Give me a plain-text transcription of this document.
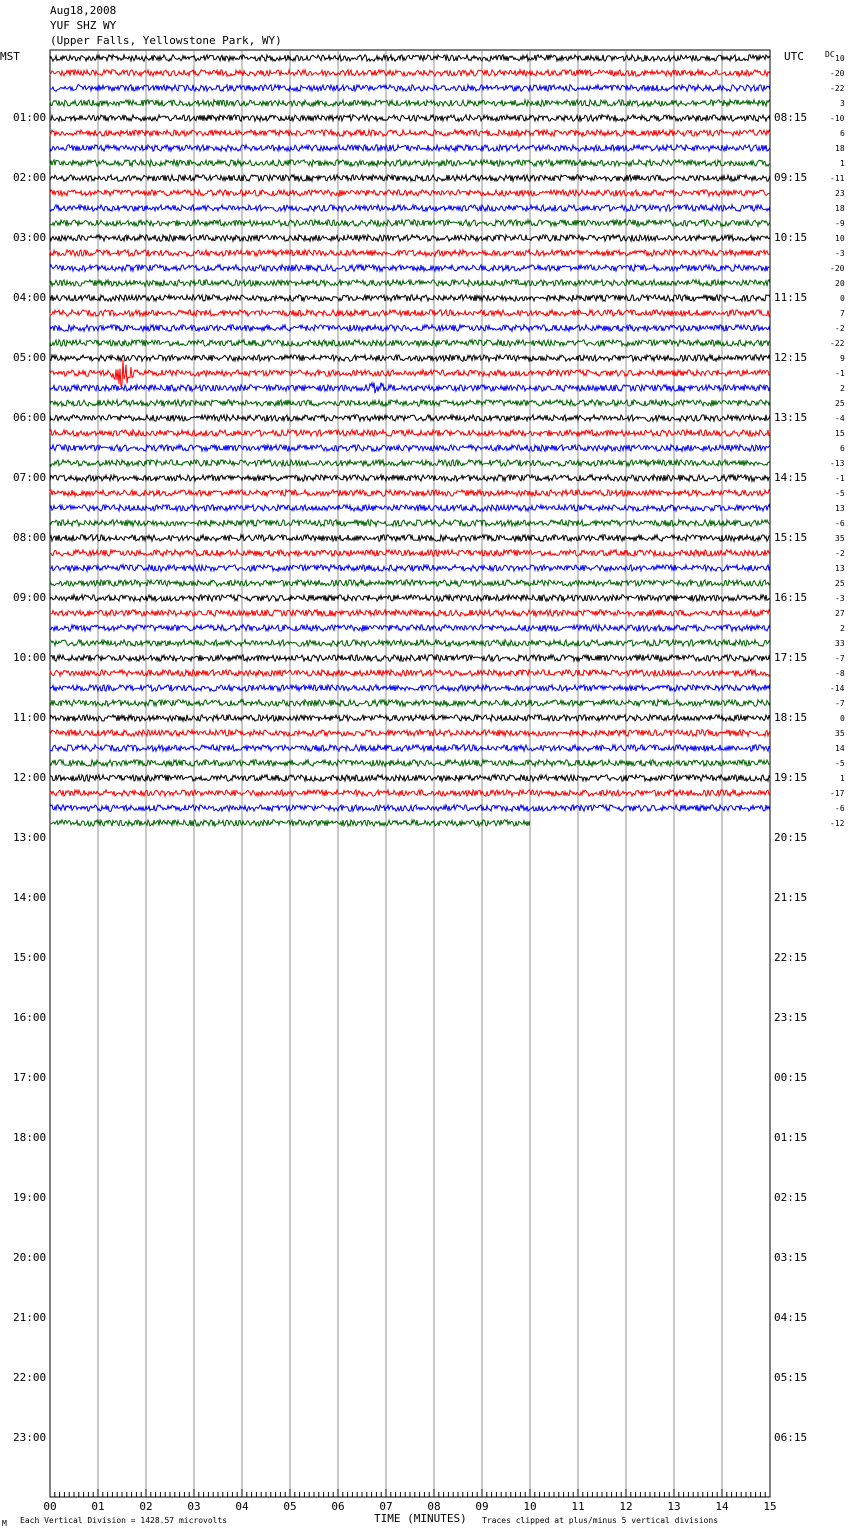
Aug18,2008
YUF SHZ WY
(Upper Falls, Yellowstone Park, WY)
MST	UTC	DC
01:00
02:00
03:00
04:00
05:00
06:00
07:00
08:00
09:00
10:00
11:00
12:00
13:00
14:00
15:00
16:00
17:00
18:00
19:00
20:00
21:00
22:00
23:00
08:15
09:15
10:15
11:15
12:15
13:15
14:15
15:15
16:15
17:15
18:15
19:15
20:15
21:15
22:15
23:15
00:15
01:15
02:15
03:15
04:15
05:15
06:15
10
-20
-22
3
-10
6
18
1
-11
23
18
-9
10
-3
-20
20
0
7
-2
-22
9
-1
2
25
-4
15
6
-13
-1
-5
13
-6
35
-2
13
25
-3
27
2
33
-7
-8
-14
-7
0
35
14
-5
1
-17
-6
-12
00	01	02	03	04	05	06	07	08	09	10	11	12	13	14	15
M Each Vertical Division = 1428.57 microvolts	TIME (MINUTES) Traces clipped at plus/minus 5 vertical divisions
